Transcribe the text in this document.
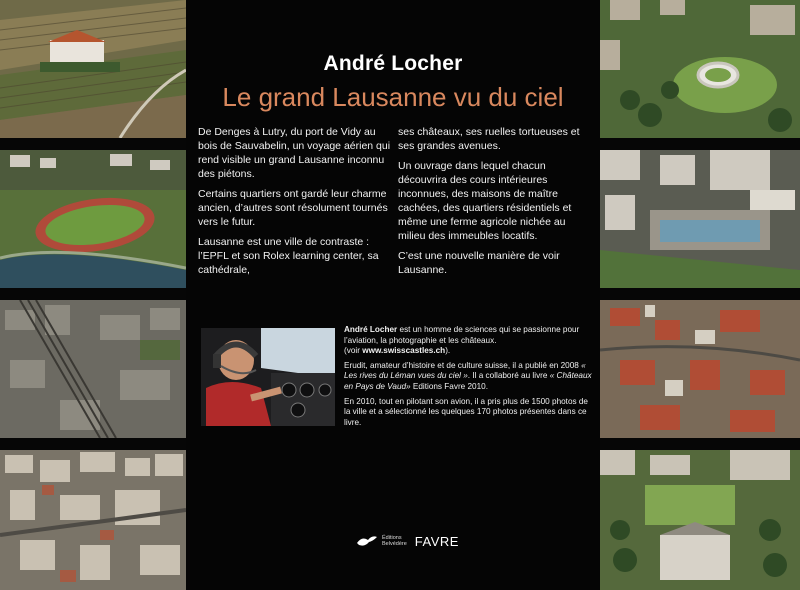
André Locher
Le grand Lausanne vu du ciel

De Denges à Lutry, du port de Vidy au bois de Sauvabelin, un voyage aérien qui rend visible un grand Lausanne inconnu des piétons.

Certains quartiers ont gardé leur charme ancien, d’autres sont résolument tournés vers le futur.

Lausanne est une ville de contraste : l’EPFL et son Rolex learning center, sa cathédrale,

ses châteaux, ses ruelles tortueuses et ses grandes avenues.

Un ouvrage dans lequel chacun découvrira des cours intérieures inconnues, des maisons de maître cachées, des quartiers résidentiels et même une ferme agricole nichée au milieu des immeubles locatifs.

C’est une nouvelle manière de voir Lausanne.

André Locher est un homme de sciences qui se passionne pour l’aviation, la photographie et les châteaux.
(voir www.swisscastles.ch).

Erudit, amateur d’histoire et de culture suisse, il a publié en 2008 « Les rives du Léman vues du ciel ». Il a collaboré au livre « Châteaux en Pays de Vaud» Editions Favre 2010.

En 2010, tout en pilotant son avion, il a pris plus de 1500 photos de la ville et a sélectionné les quelques 170 photos présentes dans ce livre.

Éditions
Belvédère FAVRE
